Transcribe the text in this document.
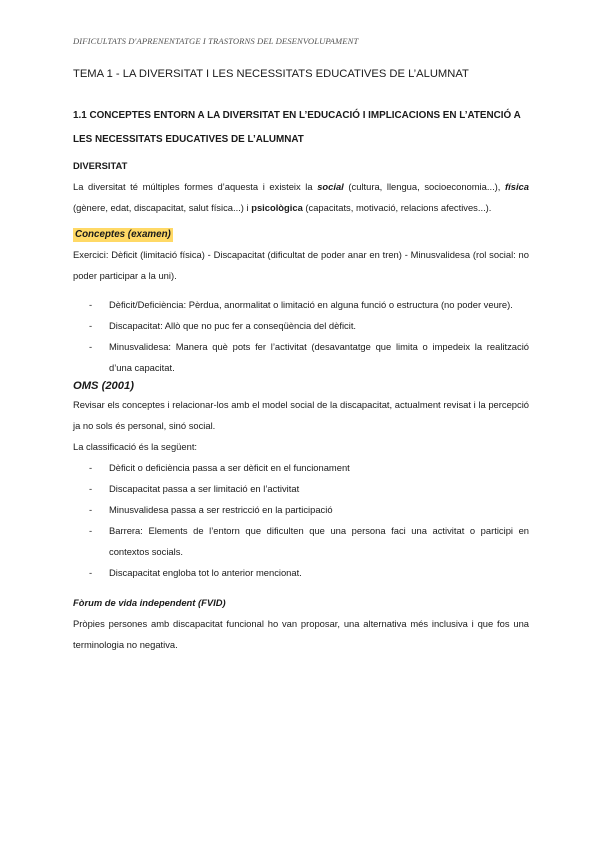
DIFICULTATS D'APRENENTATGE I TRASTORNS DEL DESENVOLUPAMENT
TEMA 1 - LA DIVERSITAT I LES NECESSITATS EDUCATIVES DE L’ALUMNAT
1.1 CONCEPTES ENTORN A LA DIVERSITAT EN L’EDUCACIÓ I IMPLICACIONS EN L’ATENCIÓ A LES NECESSITATS EDUCATIVES DE L’ALUMNAT
DIVERSITAT

La diversitat té múltiples formes d’aquesta i existeix la social (cultura, llengua, socioeconomia...), física (gènere, edat, discapacitat, salut física...) i psicològica (capacitats, motivació, relacions afectives...).

Conceptes (examen)

Exercici: Dèficit (limitació física) - Discapacitat (dificultat de poder anar en tren) - Minusvalidesa (rol social: no poder participar a la uni).

- Dèficit/Deficiència: Pèrdua, anormalitat o limitació en alguna funció o estructura (no poder veure).
- Discapacitat: Allò que no puc fer a conseqüència del dèficit.
- Minusvalidesa: Manera què pots fer l’activitat (desavantatge que limita o impedeix la realització d’una capacitat.
OMS (2001)

Revisar els conceptes i relacionar-los amb el model social de la discapacitat, actualment revisat i la percepció ja no sols és personal, sinó social.

La classificació és la següent:

- Dèficit o deficiència passa a ser dèficit en el funcionament
- Discapacitat passa a ser limitació en l’activitat
- Minusvalidesa passa a ser restricció en la participació
- Barrera: Elements de l’entorn que dificulten que una persona faci una activitat o participi en contextos socials.
- Discapacitat engloba tot lo anterior mencionat.
Fòrum de vida independent (FVID)

Pròpies persones amb discapacitat funcional ho van proposar, una alternativa més inclusiva i que fos una terminologia no negativa.
